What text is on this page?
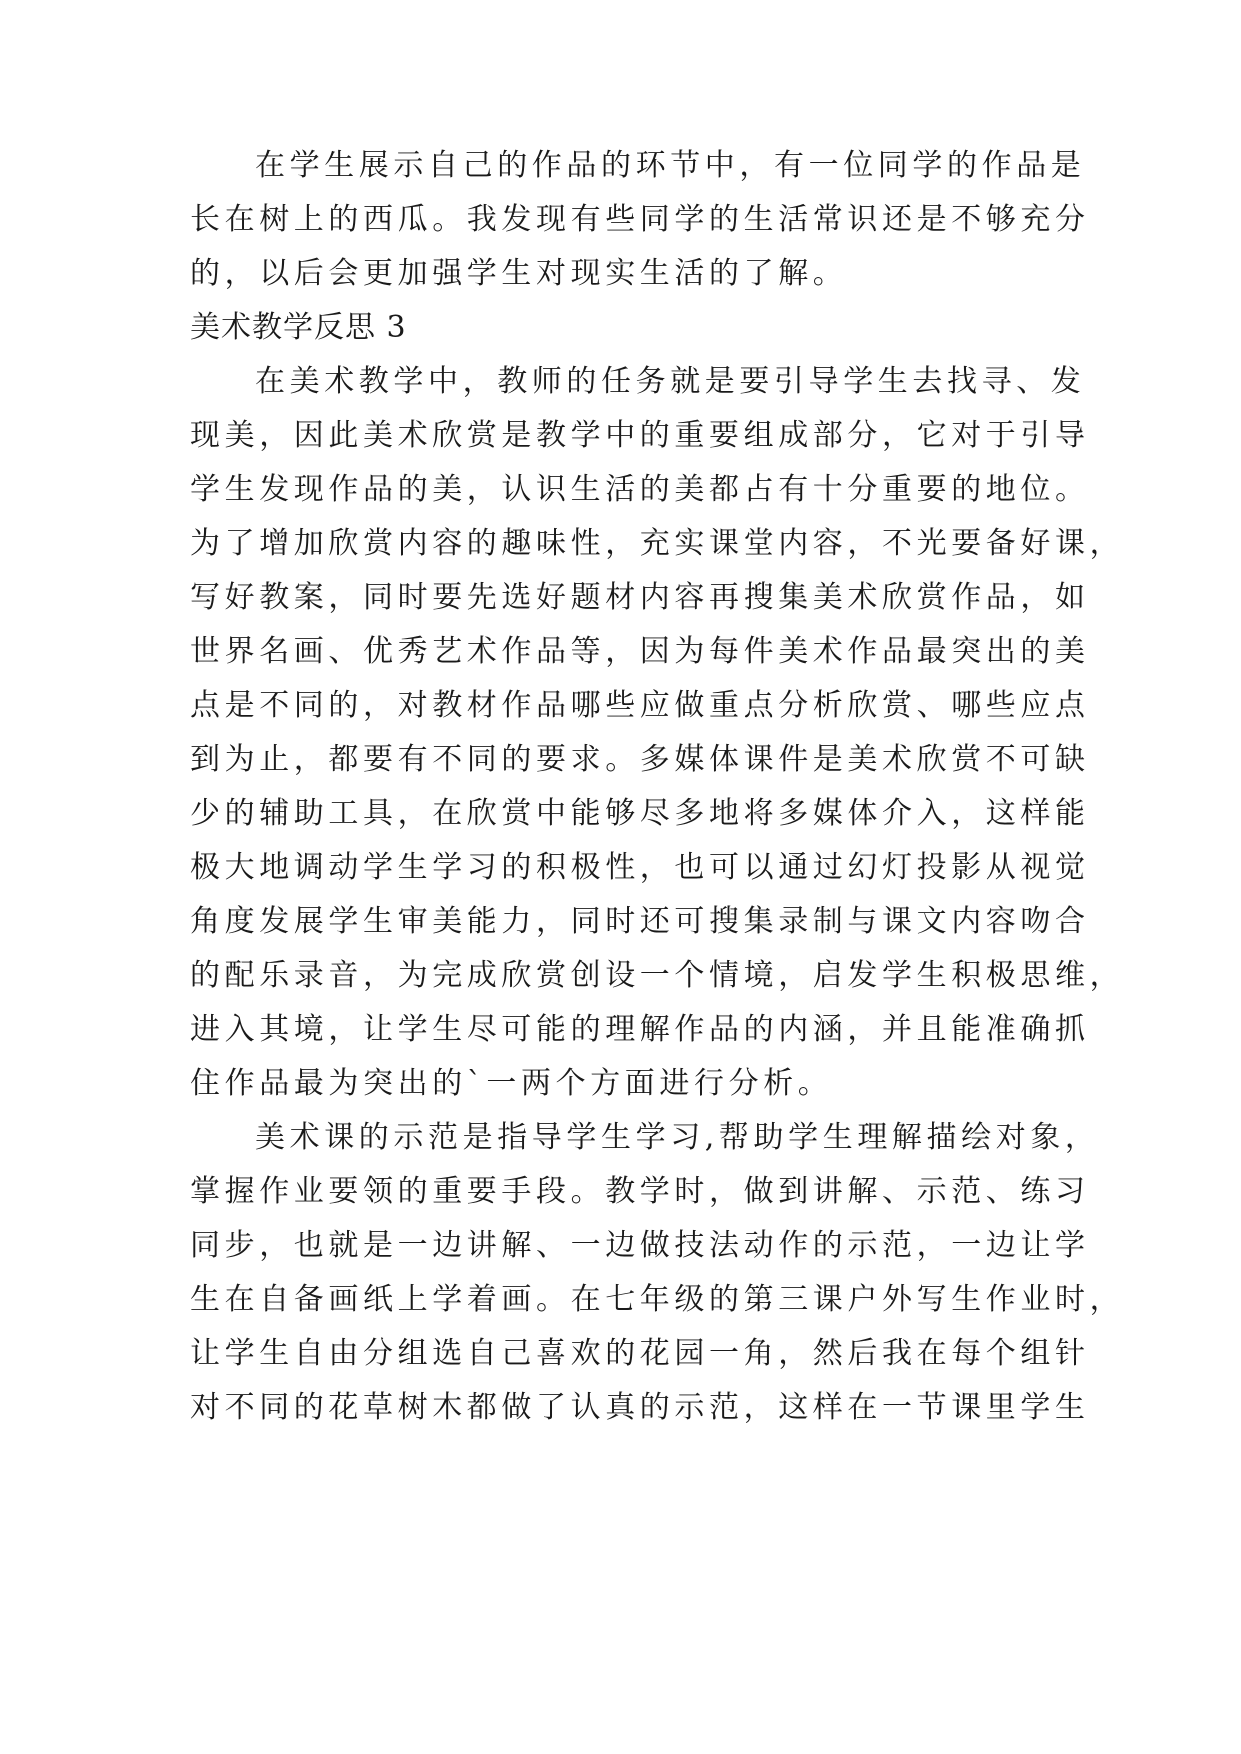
在学生展示自己的作品的环节中，有一位同学的作品是
长在树上的西瓜。我发现有些同学的生活常识还是不够充分
的，以后会更加强学生对现实生活的了解。
美术教学反思 3
在美术教学中，教师的任务就是要引导学生去找寻、发
现美，因此美术欣赏是教学中的重要组成部分，它对于引导
学生发现作品的美，认识生活的美都占有十分重要的地位。
为了增加欣赏内容的趣味性，充实课堂内容，不光要备好课，
写好教案，同时要先选好题材内容再搜集美术欣赏作品，如
世界名画、优秀艺术作品等，因为每件美术作品最突出的美
点是不同的，对教材作品哪些应做重点分析欣赏、哪些应点
到为止，都要有不同的要求。多媒体课件是美术欣赏不可缺
少的辅助工具，在欣赏中能够尽多地将多媒体介入，这样能
极大地调动学生学习的积极性，也可以通过幻灯投影从视觉
角度发展学生审美能力，同时还可搜集录制与课文内容吻合
的配乐录音，为完成欣赏创设一个情境，启发学生积极思维，
进入其境，让学生尽可能的理解作品的内涵，并且能准确抓
住作品最为突出的`一两个方面进行分析。
美术课的示范是指导学生学习,帮助学生理解描绘对象，
掌握作业要领的重要手段。教学时，做到讲解、示范、练习
同步，也就是一边讲解、一边做技法动作的示范，一边让学
生在自备画纸上学着画。在七年级的第三课户外写生作业时，
让学生自由分组选自己喜欢的花园一角，然后我在每个组针
对不同的花草树木都做了认真的示范，这样在一节课里学生
